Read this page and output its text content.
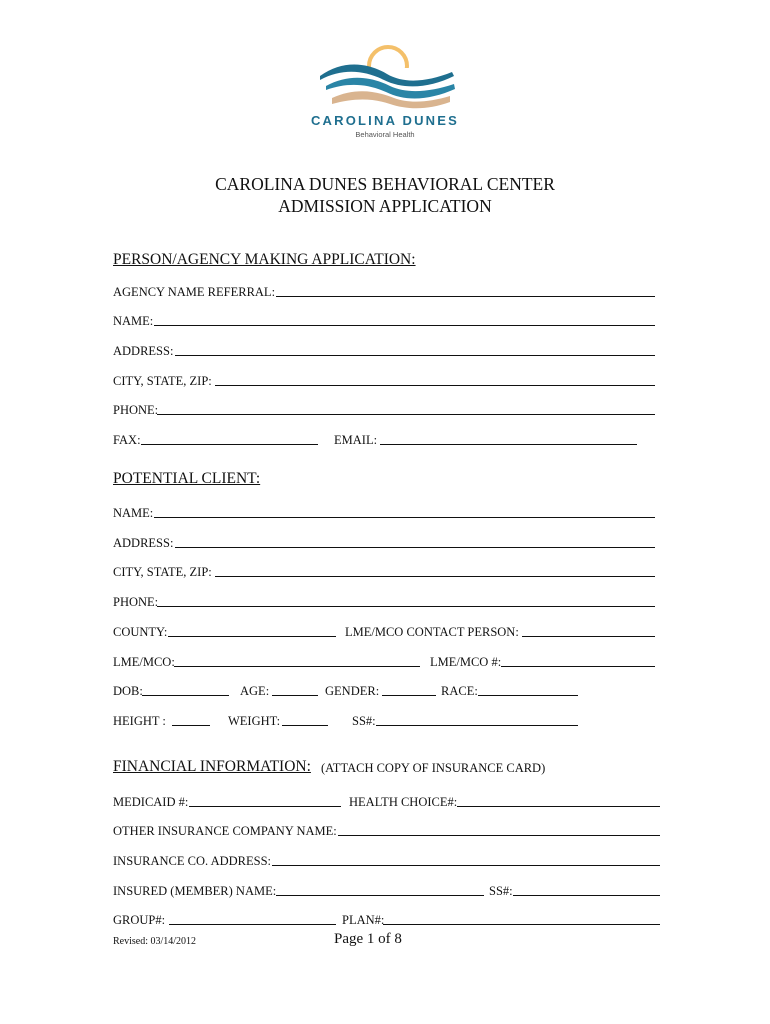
CAROLINA DUNES
Behavioral Health
CAROLINA DUNES BEHAVIORAL CENTER
ADMISSION APPLICATION
PERSON/AGENCY MAKING APPLICATION:
AGENCY NAME REFERRAL:
NAME:
ADDRESS:
CITY, STATE, ZIP:
PHONE:
FAX:	EMAIL:
POTENTIAL CLIENT:
NAME:
ADDRESS:
CITY, STATE, ZIP:
PHONE:
COUNTY:	LME/MCO CONTACT PERSON:
LME/MCO:	LME/MCO #:
DOB:	AGE:	GENDER:	RACE:
HEIGHT :	WEIGHT:	SS#:
FINANCIAL INFORMATION: (ATTACH COPY OF INSURANCE CARD)
MEDICAID #:	HEALTH CHOICE#:
OTHER INSURANCE COMPANY NAME:
INSURANCE CO. ADDRESS:
INSURED (MEMBER) NAME:	SS#:
GROUP#:	PLAN#:
Revised: 03/14/2012	Page 1 of 8
